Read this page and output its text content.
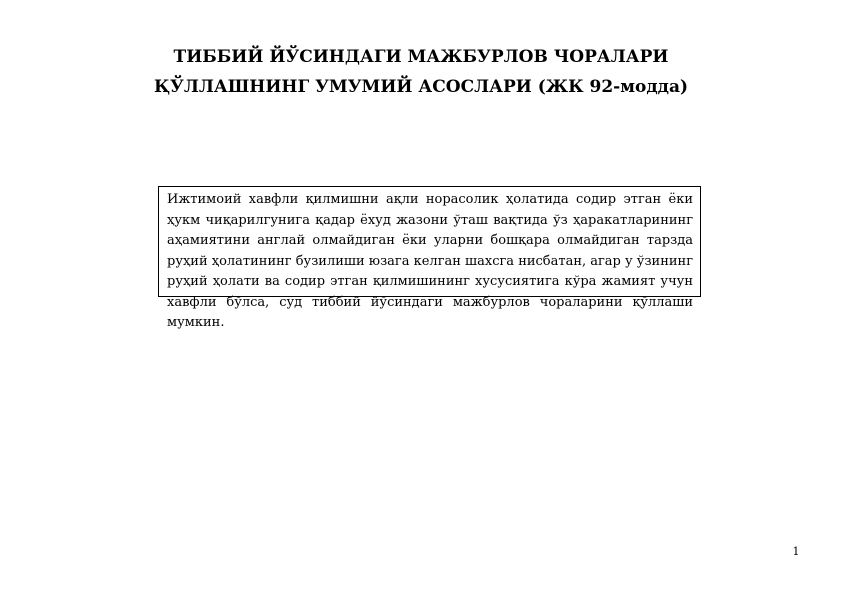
ТИББИЙ ЙЎСИНДАГИ МАЖБУРЛОВ ЧОРАЛАРИ
ҚЎЛЛАШНИНГ УМУМИЙ АСОСЛАРИ (ЖК 92-модда)
Ижтимоий хавфли қилмишни ақли норасолик ҳолатида содир этган ёки ҳукм чиқарилгунига қадар ёхуд жазони ўташ вақтида ўз ҳаракатларининг аҳамиятини англай олмайдиган ёки уларни бошқара олмайдиган тарзда руҳий ҳолатининг бузилиши юзага келган шахсга нисбатан, агар у ўзининг руҳий ҳолати ва содир этган қилмишининг хусусиятига кўра жамият учун хавфли бўлса, суд тиббий йўсиндаги мажбурлов чораларини қўллаши мумкин.
1
